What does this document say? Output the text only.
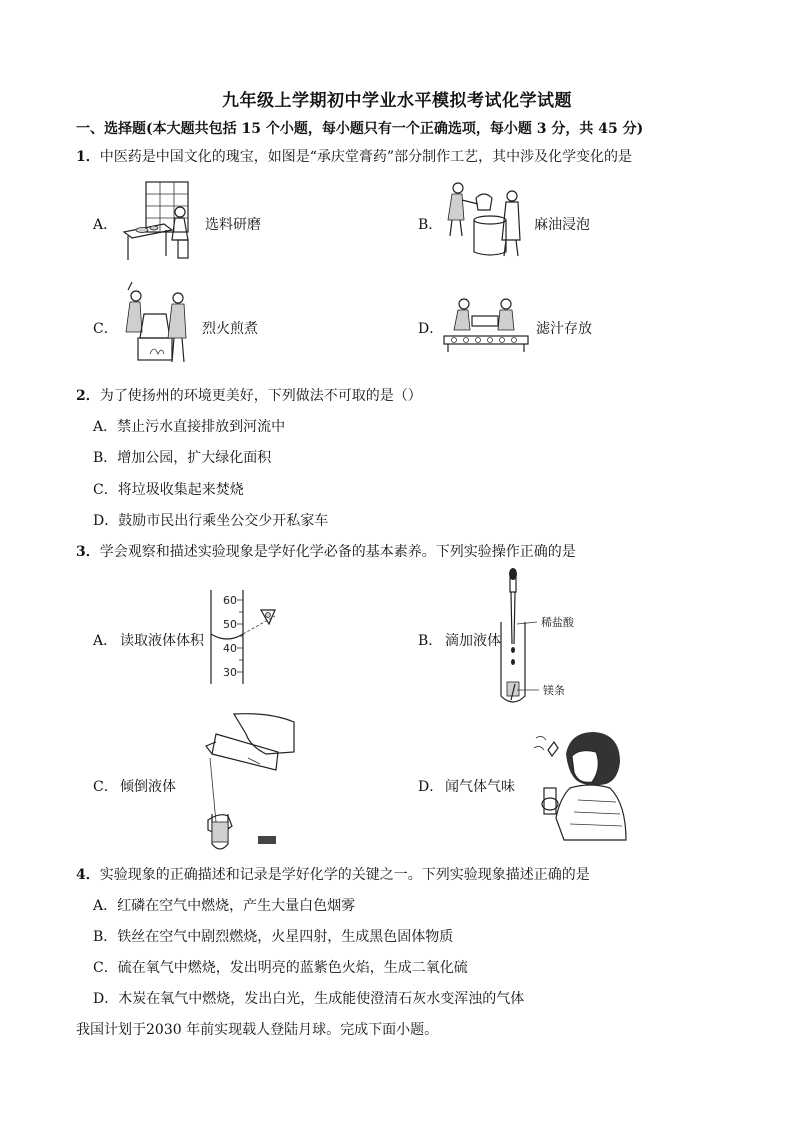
九年级上学期初中学业水平模拟考试化学试题
一、选择题(本大题共包括 15 个小题，每小题只有一个正确选项，每小题 3 分，共 45 分)
1．中医药是中国文化的瑰宝，如图是“承庆堂膏药”部分制作工艺，其中涉及化学变化的是
A．	选料研磨	B．	麻油浸泡
C．	烈火煎煮	D．	滤汁存放
2．为了使扬州的环境更美好，下列做法不可取的是（）
A．禁止污水直接排放到河流中
B．增加公园，扩大绿化面积
C．将垃圾收集起来焚烧
D．鼓励市民出行乘坐公交少开私家车
3．学会观察和描述实验现象是学好化学必备的基本素养。下列实验操作正确的是
A． 读取液体体积
60
50
40
30
B． 滴加液体
稀盐酸
镁条
C． 倾倒液体	D． 闻气体气味
4．实验现象的正确描述和记录是学好化学的关键之一。下列实验现象描述正确的是
A．红磷在空气中燃烧，产生大量白色烟雾
B．铁丝在空气中剧烈燃烧，火星四射，生成黑色固体物质
C．硫在氧气中燃烧，发出明亮的蓝紫色火焰，生成二氧化硫
D．木炭在氧气中燃烧，发出白光，生成能使澄清石灰水变浑浊的气体
我国计划于2030 年前实现载人登陆月球。完成下面小题。
